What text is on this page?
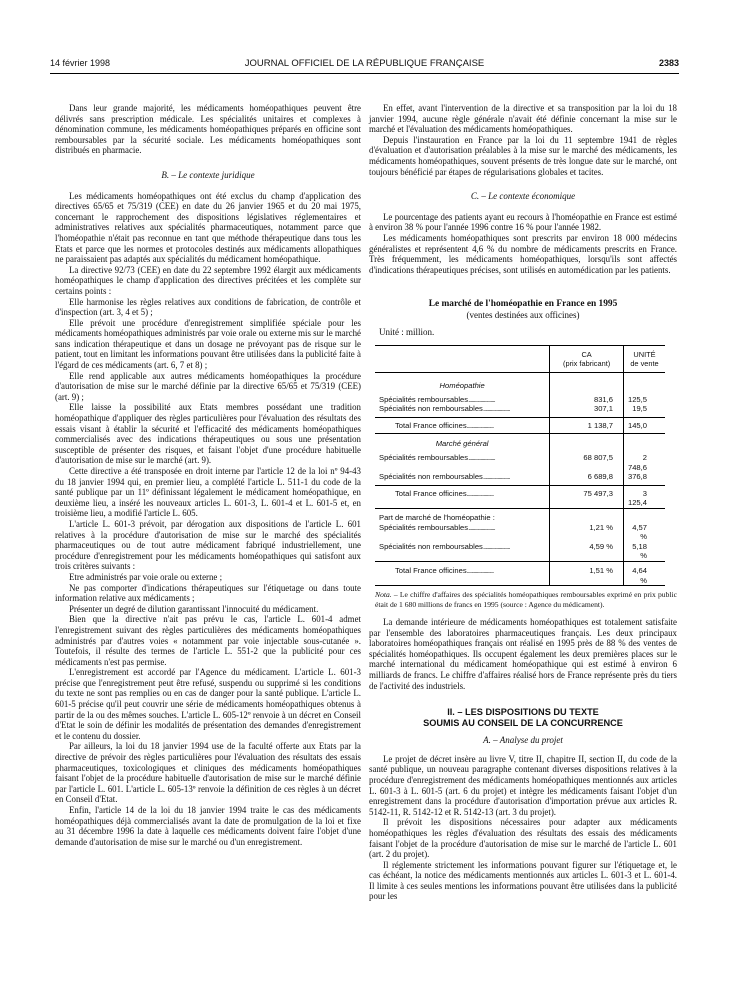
14 février 1998	JOURNAL OFFICIEL DE LA RÉPUBLIQUE FRANÇAISE	2383

Dans leur grande majorité, les médicaments homéopathiques peuvent être délivrés sans prescription médicale. Les spécialités unitaires et complexes à dénomination commune, les médicaments homéopathiques préparés en officine sont remboursables par la sécurité sociale. Les médicaments homéopathiques sont distribués en pharmacie.

B. – Le contexte juridique

Les médicaments homéopathiques ont été exclus du champ d'application des directives 65/65 et 75/319 (CEE) en date du 26 janvier 1965 et du 20 mai 1975, concernant le rapprochement des dispositions législatives réglementaires et administratives relatives aux spécialités pharmaceutiques, notamment parce que l'homéopathie n'était pas reconnue en tant que méthode thérapeutique dans tous les Etats et parce que les normes et protocoles destinés aux médicaments allopathiques ne paraissaient pas adaptés aux spécialités du médicament homéopathique.

La directive 92/73 (CEE) en date du 22 septembre 1992 élargit aux médicaments homéopathiques le champ d'application des directives précitées et les complète sur certains points :

Elle harmonise les règles relatives aux conditions de fabrication, de contrôle et d'inspection (art. 3, 4 et 5) ;

Elle prévoit une procédure d'enregistrement simplifiée spéciale pour les médicaments homéopathiques administrés par voie orale ou externe mis sur le marché sans indication thérapeutique et dans un dosage ne prévoyant pas de risque sur le patient, tout en limitant les informations pouvant être utilisées dans la publicité faite à l'égard de ces médicaments (art. 6, 7 et 8) ;

Elle rend applicable aux autres médicaments homéopathiques la procédure d'autorisation de mise sur le marché définie par la directive 65/65 et 75/319 (CEE) (art. 9) ;

Elle laisse la possibilité aux Etats membres possédant une tradition homéopathique d'appliquer des règles particulières pour l'évaluation des résultats des essais visant à établir la sécurité et l'efficacité des médicaments homéopathiques commercialisés avec des indications thérapeutiques ou sous une présentation susceptible de présenter des risques, et faisant l'objet d'une procédure habituelle d'autorisation de mise sur le marché (art. 9).

Cette directive a été transposée en droit interne par l'article 12 de la loi nº 94-43 du 18 janvier 1994 qui, en premier lieu, a complété l'article L. 511-1 du code de la santé publique par un 11º définissant légalement le médicament homéopathique, en deuxième lieu, a inséré les nouveaux articles L. 601-3, L. 601-4 et L. 601-5 et, en troisième lieu, a modifié l'article L. 605.

L'article L. 601-3 prévoit, par dérogation aux dispositions de l'article L. 601 relatives à la procédure d'autorisation de mise sur le marché des spécialités pharmaceutiques ou de tout autre médicament fabriqué industriellement, une procédure d'enregistrement pour les médicaments homéopathiques qui satisfont aux trois critères suivants :

Etre administrés par voie orale ou externe ;

Ne pas comporter d'indications thérapeutiques sur l'étiquetage ou dans toute information relative aux médicaments ;

Présenter un degré de dilution garantissant l'innocuité du médicament.

Bien que la directive n'ait pas prévu le cas, l'article L. 601-4 admet l'enregistrement suivant des règles particulières des médicaments homéopathiques administrés par d'autres voies « notamment par voie injectable sous-cutanée ». Toutefois, il résulte des termes de l'article L. 551-2 que la publicité pour ces médicaments n'est pas permise.

L'enregistrement est accordé par l'Agence du médicament. L'article L. 601-3 précise que l'enregistrement peut être refusé, suspendu ou supprimé si les conditions du texte ne sont pas remplies ou en cas de danger pour la santé publique. L'article L. 601-5 précise qu'il peut couvrir une série de médicaments homéopathiques obtenus à partir de la ou des mêmes souches. L'article L. 605-12º renvoie à un décret en Conseil d'Etat le soin de définir les modalités de présentation des demandes d'enregistrement et le contenu du dossier.

Par ailleurs, la loi du 18 janvier 1994 use de la faculté offerte aux Etats par la directive de prévoir des règles particulières pour l'évaluation des résultats des essais pharmaceutiques, toxicologiques et cliniques des médicaments homéopathiques faisant l'objet de la procédure habituelle d'autorisation de mise sur le marché définie par l'article L. 601. L'article L. 605-13º renvoie la définition de ces règles à un décret en Conseil d'Etat.

Enfin, l'article 14 de la loi du 18 janvier 1994 traite le cas des médicaments homéopathiques déjà commercialisés avant la date de promulgation de la loi et fixe au 31 décembre 1996 la date à laquelle ces médicaments doivent faire l'objet d'une demande d'autorisation de mise sur le marché ou d'un enregistrement.

En effet, avant l'intervention de la directive et sa transposition par la loi du 18 janvier 1994, aucune règle générale n'avait été définie concernant la mise sur le marché et l'évaluation des médicaments homéopathiques.

Depuis l'instauration en France par la loi du 11 septembre 1941 de règles d'évaluation et d'autorisation préalables à la mise sur le marché des médicaments, les médicaments homéopathiques, souvent présents de très longue date sur le marché, ont toujours bénéficié par étapes de régularisations globales et tacites.

C. – Le contexte économique

Le pourcentage des patients ayant eu recours à l'homéopathie en France est estimé à environ 38 % pour l'année 1996 contre 16 % pour l'année 1982.

Les médicaments homéopathiques sont prescrits par environ 18 000 médecins généralistes et représentent 4,6 % du nombre de médicaments prescrits en France. Très fréquemment, les médicaments homéopathiques, lorsqu'ils sont affectés d'indications thérapeutiques précises, sont utilisés en automédication par les patients.

Le marché de l'homéopathie en France en 1995
(ventes destinées aux officines)
Unité : million.
	CA
(prix fabricant)	UNITÉ
de vente

Homéopathie		

Spécialités remboursables .....	831,6	125,5
Spécialités non remboursables .....	307,1	19,5
Total France officines .....	1 138,7	145,0

Marché général		

Spécialités remboursables .....	68 807,5	2 748,6
Spécialités non remboursables .....	6 689,8	376,8
Total France officines .....	75 497,3	3 125,4

Part de marché de l'homéopathie :		
Spécialités remboursables .....	1,21 %	4,57 %
Spécialités non remboursables .....	4,59 %	5,18 %
Total France officines .....	1,51 %	4,64 %
Nota. – Le chiffre d'affaires des spécialités homéopathiques remboursables exprimé en prix public était de 1 680 millions de francs en 1995 (source : Agence du médicament).

La demande intérieure de médicaments homéopathiques est totalement satisfaite par l'ensemble des laboratoires pharmaceutiques français. Les deux principaux laboratoires homéopathiques français ont réalisé en 1995 près de 88 % des ventes de spécialités homéopathiques. Ils occupent également les deux premières places sur le marché international du médicament homéopathique qui est estimé à environ 6 milliards de francs. Le chiffre d'affaires réalisé hors de France représente près du tiers de l'activité des industriels.

II. – LES DISPOSITIONS DU TEXTE
SOUMIS AU CONSEIL DE LA CONCURRENCE
A. – Analyse du projet

Le projet de décret insère au livre V, titre II, chapitre II, section II, du code de la santé publique, un nouveau paragraphe contenant diverses dispositions relatives à la procédure d'enregistrement des médicaments homéopathiques mentionnés aux articles L. 601-3 à L. 601-5 (art. 6 du projet) et intègre les médicaments faisant l'objet d'un enregistrement dans la procédure d'autorisation d'importation prévue aux articles R. 5142-11, R. 5142-12 et R. 5142-13 (art. 3 du projet).

Il prévoit les dispositions nécessaires pour adapter aux médicaments homéopathiques les règles d'évaluation des résultats des essais des médicaments faisant l'objet de la procédure d'autorisation de mise sur le marché de l'article L. 601 (art. 2 du projet).

Il réglemente strictement les informations pouvant figurer sur l'étiquetage et, le cas échéant, la notice des médicaments mentionnés aux articles L. 601-3 et L. 601-4. Il limite à ces seules mentions les informations pouvant être utilisées dans la publicité pour les
